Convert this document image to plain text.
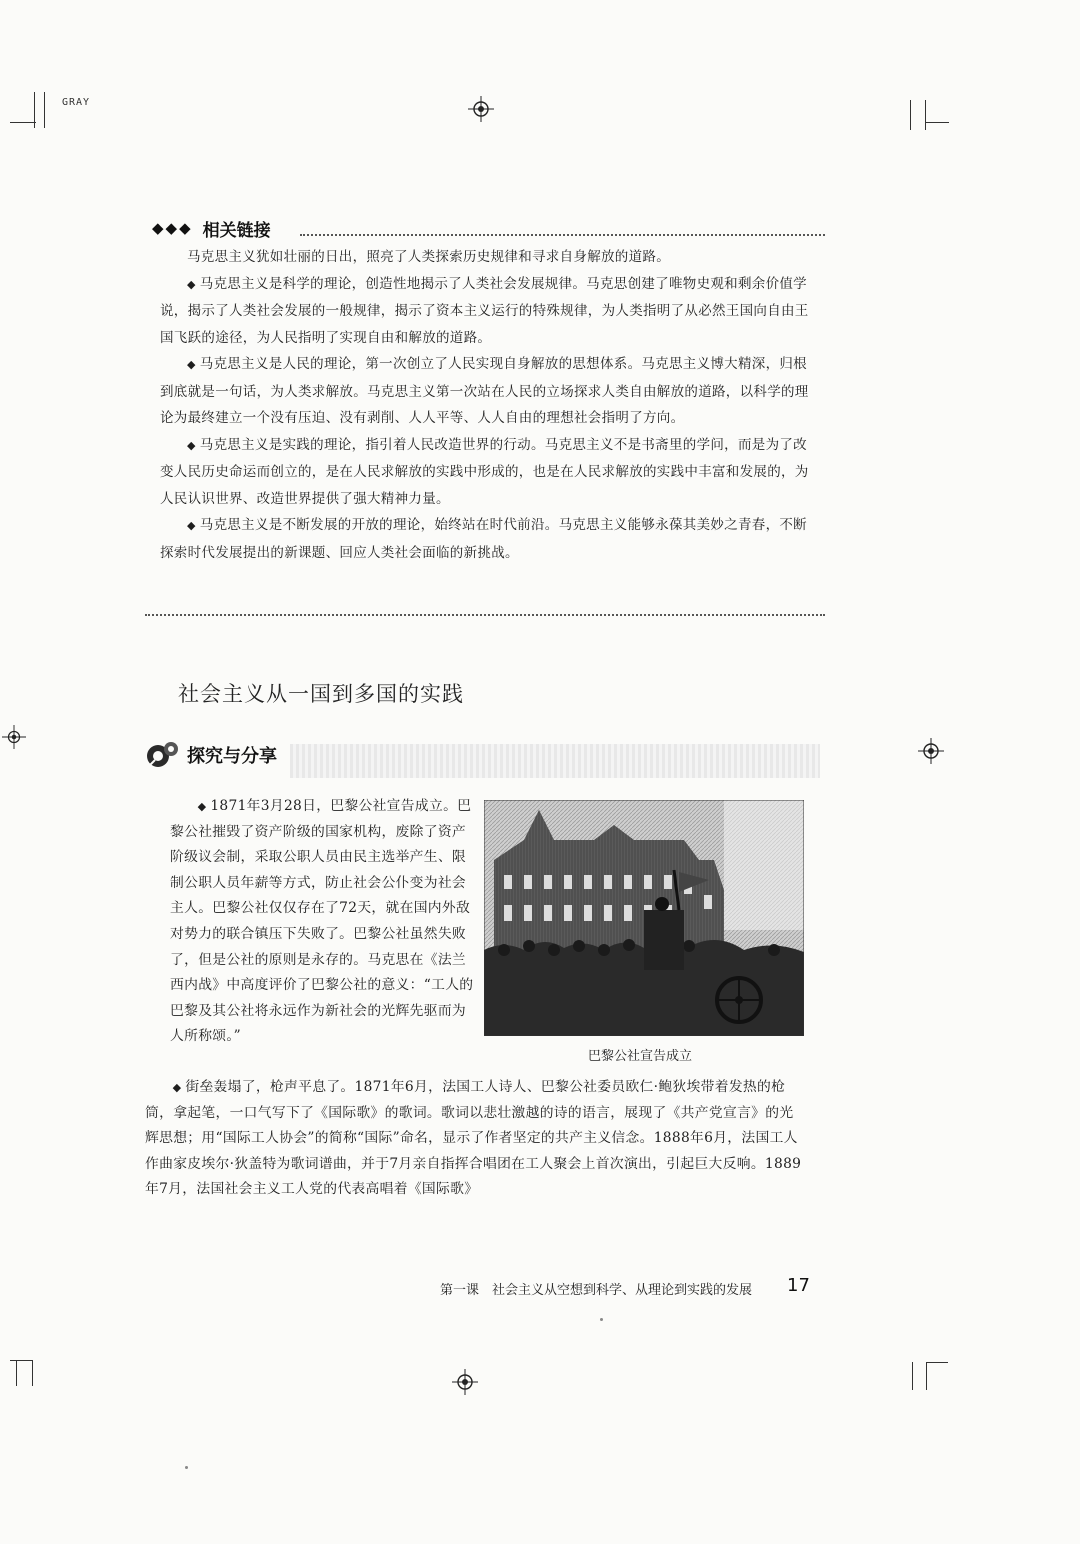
GRAY
◆◆◆ 相关链接

马克思主义犹如壮丽的日出，照亮了人类探索历史规律和寻求自身解放的道路。

◆ 马克思主义是科学的理论，创造性地揭示了人类社会发展规律。马克思创建了唯物史观和剩余价值学说，揭示了人类社会发展的一般规律，揭示了资本主义运行的特殊规律，为人类指明了从必然王国向自由王国飞跃的途径，为人民指明了实现自由和解放的道路。

◆ 马克思主义是人民的理论，第一次创立了人民实现自身解放的思想体系。马克思主义博大精深，归根到底就是一句话，为人类求解放。马克思主义第一次站在人民的立场探求人类自由解放的道路，以科学的理论为最终建立一个没有压迫、没有剥削、人人平等、人人自由的理想社会指明了方向。

◆ 马克思主义是实践的理论，指引着人民改造世界的行动。马克思主义不是书斋里的学问，而是为了改变人民历史命运而创立的，是在人民求解放的实践中形成的，也是在人民求解放的实践中丰富和发展的，为人民认识世界、改造世界提供了强大精神力量。

◆ 马克思主义是不断发展的开放的理论，始终站在时代前沿。马克思主义能够永葆其美妙之青春，不断探索时代发展提出的新课题、回应人类社会面临的新挑战。

社会主义从一国到多国的实践
探究与分享

◆ 1871年3月28日，巴黎公社宣告成立。巴黎公社摧毁了资产阶级的国家机构，废除了资产阶级议会制，采取公职人员由民主选举产生、限制公职人员年薪等方式，防止社会公仆变为社会主人。巴黎公社仅仅存在了72天，就在国内外敌对势力的联合镇压下失败了。巴黎公社虽然失败了，但是公社的原则是永存的。马克思在《法兰西内战》中高度评价了巴黎公社的意义：“工人的巴黎及其公社将永远作为新社会的光辉先驱而为人所称颂。”

巴黎公社宣告成立

◆ 街垒轰塌了，枪声平息了。1871年6月，法国工人诗人、巴黎公社委员欧仁·鲍狄埃带着发热的枪筒，拿起笔，一口气写下了《国际歌》的歌词。歌词以悲壮激越的诗的语言，展现了《共产党宣言》的光辉思想；用“国际工人协会”的简称“国际”命名，显示了作者坚定的共产主义信念。1888年6月，法国工人作曲家皮埃尔·狄盖特为歌词谱曲，并于7月亲自指挥合唱团在工人聚会上首次演出，引起巨大反响。1889年7月，法国社会主义工人党的代表高唱着《国际歌》

第一课　社会主义从空想到科学、从理论到实践的发展 17
